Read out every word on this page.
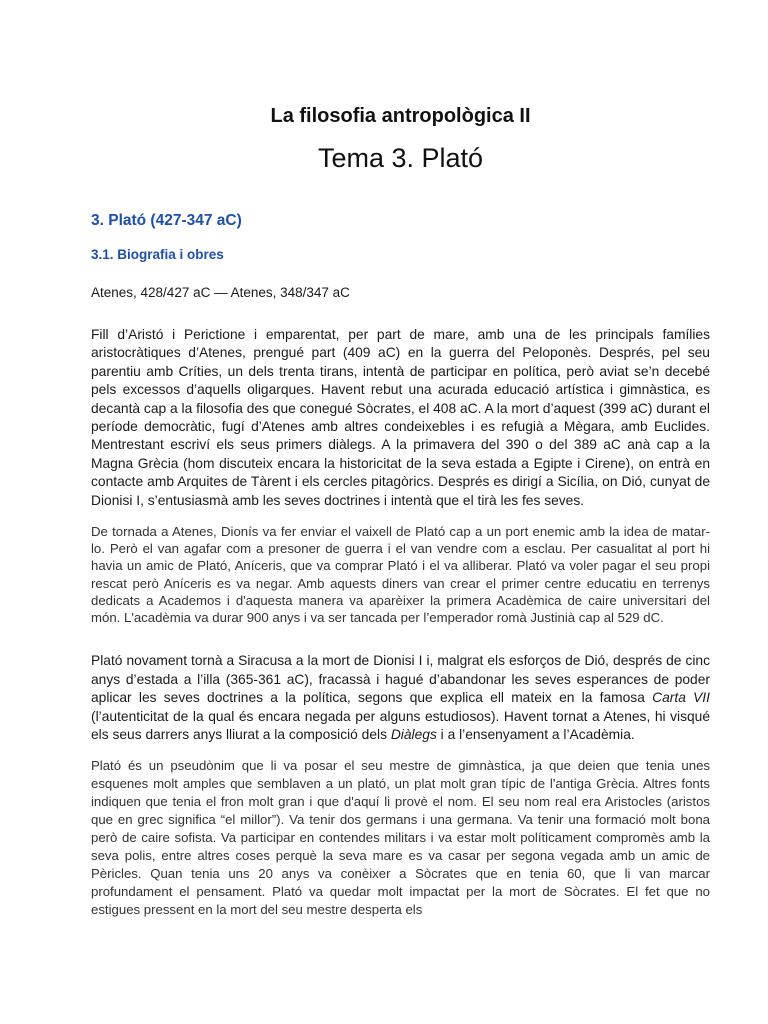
La filosofia antropològica II
Tema 3. Plató
3. Plató (427-347 aC)
3.1. Biografia i obres

Atenes, 428/427 aC — Atenes, 348/347 aC

Fill d’Aristó i Perictione i emparentat, per part de mare, amb una de les principals famílies aristocràtiques d’Atenes, prengué part (409 aC) en la guerra del Peloponès. Després, pel seu parentiu amb Críties, un dels trenta tirans, intentà de participar en política, però aviat se’n decebé pels excessos d’aquells oligarques. Havent rebut una acurada educació artística i gimnàstica, es decantà cap a la filosofia des que conegué Sòcrates, el 408 aC. A la mort d’aquest (399 aC) durant el període democràtic, fugí d’Atenes amb altres condeixebles i es refugià a Mègara, amb Euclides. Mentrestant escriví els seus primers diàlegs. A la primavera del 390 o del 389 aC anà cap a la Magna Grècia (hom discuteix encara la historicitat de la seva estada a Egipte i Cirene), on entrà en contacte amb Arquites de Tàrent i els cercles pitagòrics. Després es dirigí a Sicília, on Dió, cunyat de Dionisi I, s’entusiasmà amb les seves doctrines i intentà que el tirà les fes seves.

De tornada a Atenes, Dionís va fer enviar el vaixell de Plató cap a un port enemic amb la idea de matar-lo. Però el van agafar com a presoner de guerra i el van vendre com a esclau. Per casualitat al port hi havia un amic de Plató, Aníceris, que va comprar Plató i el va alliberar. Plató va voler pagar el seu propi rescat però Aníceris es va negar. Amb aquests diners van crear el primer centre educatiu en terrenys dedicats a Academos i d'aquesta manera va aparèixer la primera Acadèmica de caire universitari del món. L'acadèmia va durar 900 anys i va ser tancada per l’emperador romà Justinià cap al 529 dC.

Plató novament tornà a Siracusa a la mort de Dionisi I i, malgrat els esforços de Dió, després de cinc anys d’estada a l’illa (365-361 aC), fracassà i hagué d’abandonar les seves esperances de poder aplicar les seves doctrines a la política, segons que explica ell mateix en la famosa Carta VII (l’autenticitat de la qual és encara negada per alguns estudiosos). Havent tornat a Atenes, hi visqué els seus darrers anys lliurat a la composició dels Diàlegs i a l’ensenyament a l’Acadèmia.

Plató és un pseudònim que li va posar el seu mestre de gimnàstica, ja que deien que tenia unes esquenes molt amples que semblaven a un plató, un plat molt gran típic de l'antiga Grècia. Altres fonts indiquen que tenia el fron molt gran i que d'aquí li provè el nom. El seu nom real era Aristocles (aristos que en grec significa “el millor”). Va tenir dos germans i una germana. Va tenir una formació molt bona però de caire sofista. Va participar en contendes militars i va estar molt políticament compromès amb la seva polis, entre altres coses perquè la seva mare es va casar per segona vegada amb un amic de Pèricles. Quan tenia uns 20 anys va conèixer a Sòcrates que en tenia 60, que li van marcar profundament el pensament. Plató va quedar molt impactat per la mort de Sòcrates. El fet que no estigues pressent en la mort del seu mestre desperta els
